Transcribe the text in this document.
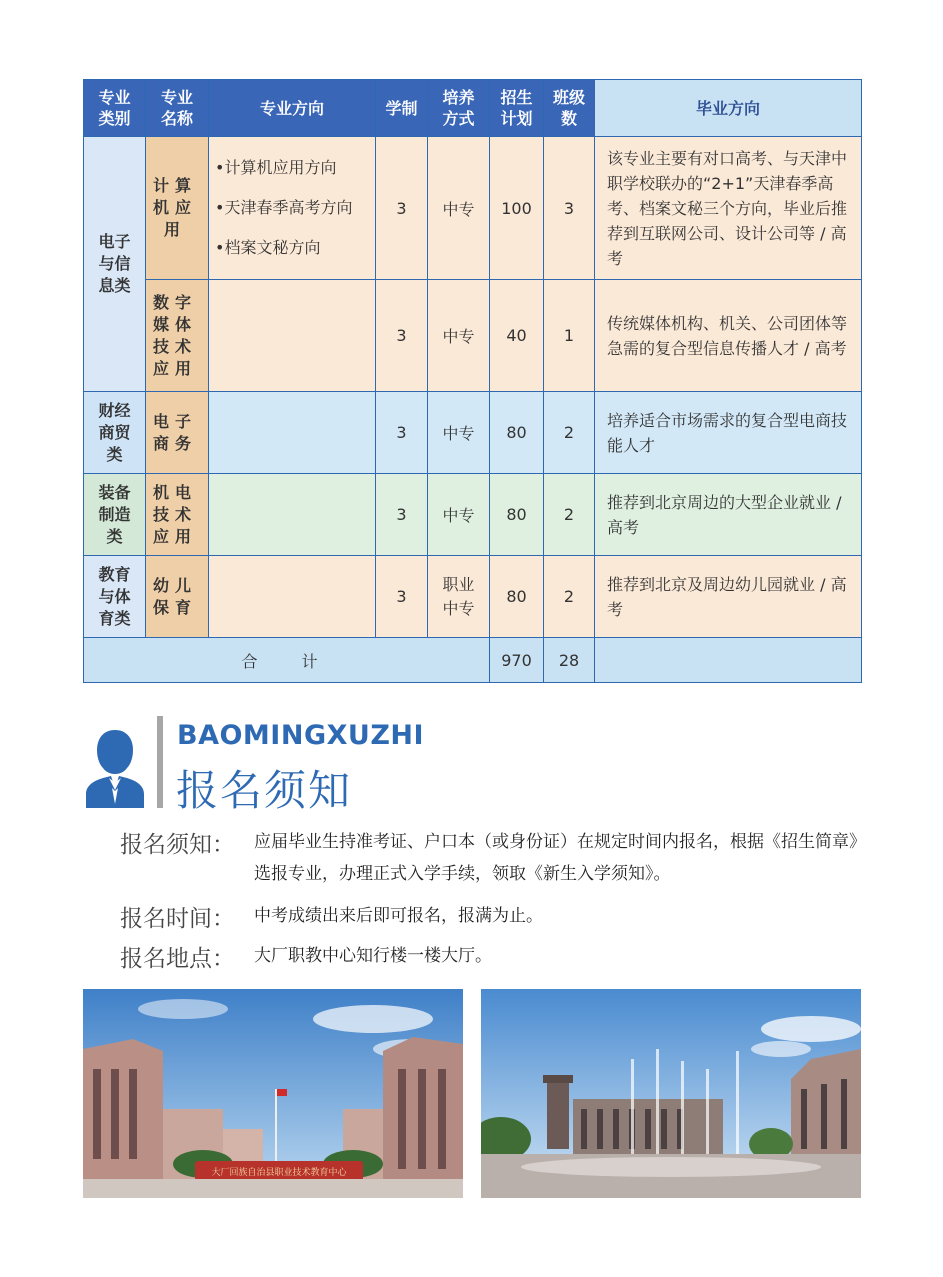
专业类别	专业名称	专业方向	学制	培养方式	招生计划	班级数	毕业方向
电子与信息类	计算机应用	•计算机应用方向
•天津春季高考方向
•档案文秘方向	3	中专	100	3	该专业主要有对口高考、与天津中职学校联办的“2+1”天津春季高考、档案文秘三个方向，毕业后推荐到互联网公司、设计公司等 / 高考
	数字媒体技术应用		3	中专	40	1	传统媒体机构、机关、公司团体等急需的复合型信息传播人才 / 高考
财经商贸类	电子商务		3	中专	80	2	培养适合市场需求的复合型电商技能人才
装备制造类	机电技术应用		3	中专	80	2	推荐到北京周边的大型企业就业 / 高考
教育与体育类	幼儿保育		3	职业中专	80	2	推荐到北京及周边幼儿园就业 / 高考
合　计					970	28	
BAOMINGXUZHI
报名须知
报名须知： 应届毕业生持准考证、户口本（或身份证）在规定时间内报名，根据《招生简章》选报专业，办理正式入学手续，领取《新生入学须知》。
报名时间： 中考成绩出来后即可报名，报满为止。
报名地点： 大厂职教中心知行楼一楼大厅。
大厂回族自治县职业技术教育中心
